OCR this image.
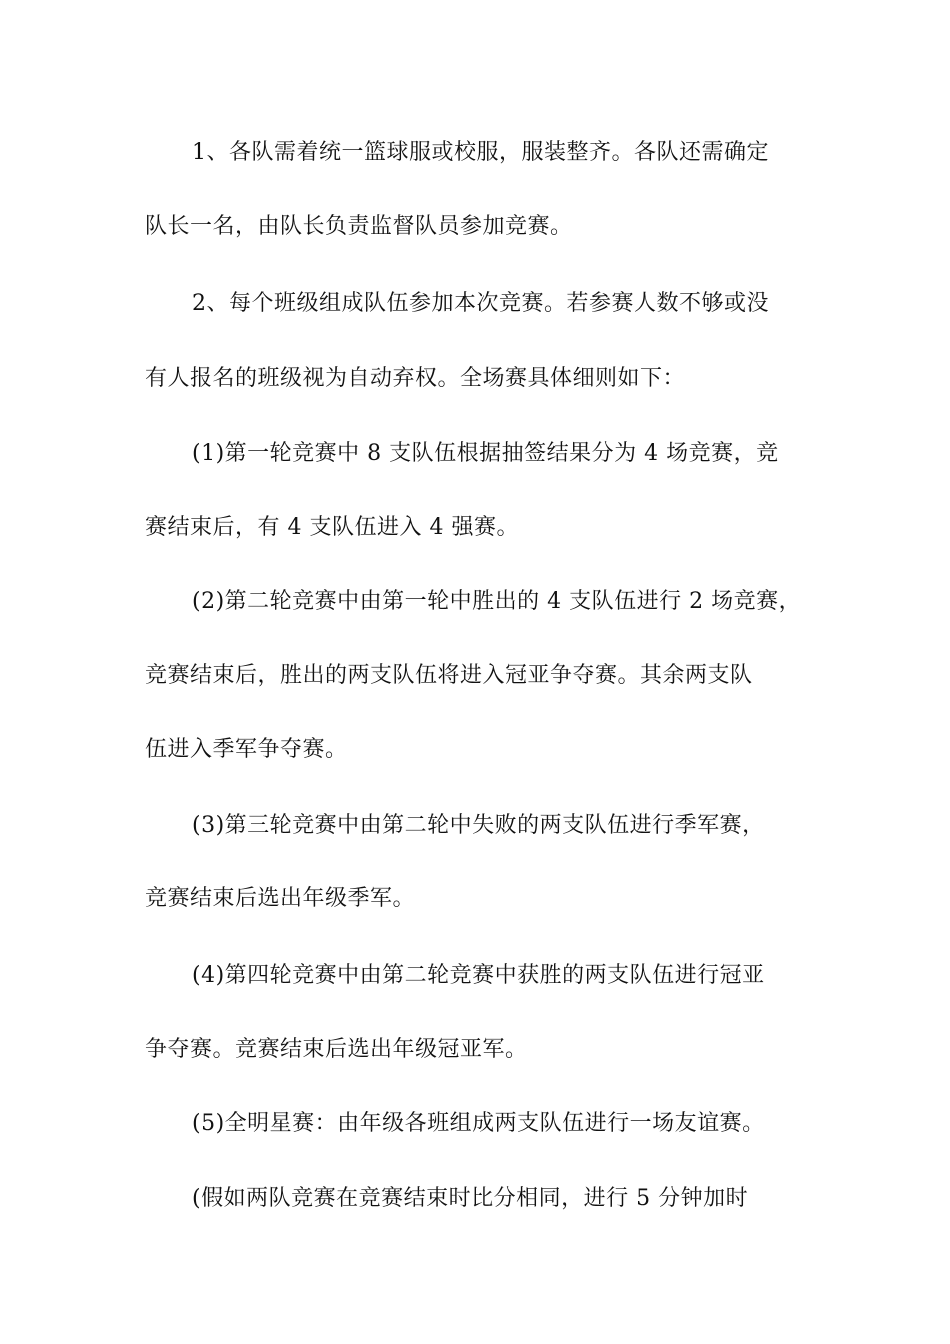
1、各队需着统一篮球服或校服，服装整齐。各队还需确定
队长一名，由队长负责监督队员参加竞赛。
2、每个班级组成队伍参加本次竞赛。若参赛人数不够或没
有人报名的班级视为自动弃权。全场赛具体细则如下：
(1)第一轮竞赛中 8 支队伍根据抽签结果分为 4 场竞赛，竞
赛结束后，有 4 支队伍进入 4 强赛。
(2)第二轮竞赛中由第一轮中胜出的 4 支队伍进行 2 场竞赛，
竞赛结束后，胜出的两支队伍将进入冠亚争夺赛。其余两支队
伍进入季军争夺赛。
(3)第三轮竞赛中由第二轮中失败的两支队伍进行季军赛，
竞赛结束后选出年级季军。
(4)第四轮竞赛中由第二轮竞赛中获胜的两支队伍进行冠亚
争夺赛。竞赛结束后选出年级冠亚军。
(5)全明星赛：由年级各班组成两支队伍进行一场友谊赛。
(假如两队竞赛在竞赛结束时比分相同，进行 5 分钟加时
